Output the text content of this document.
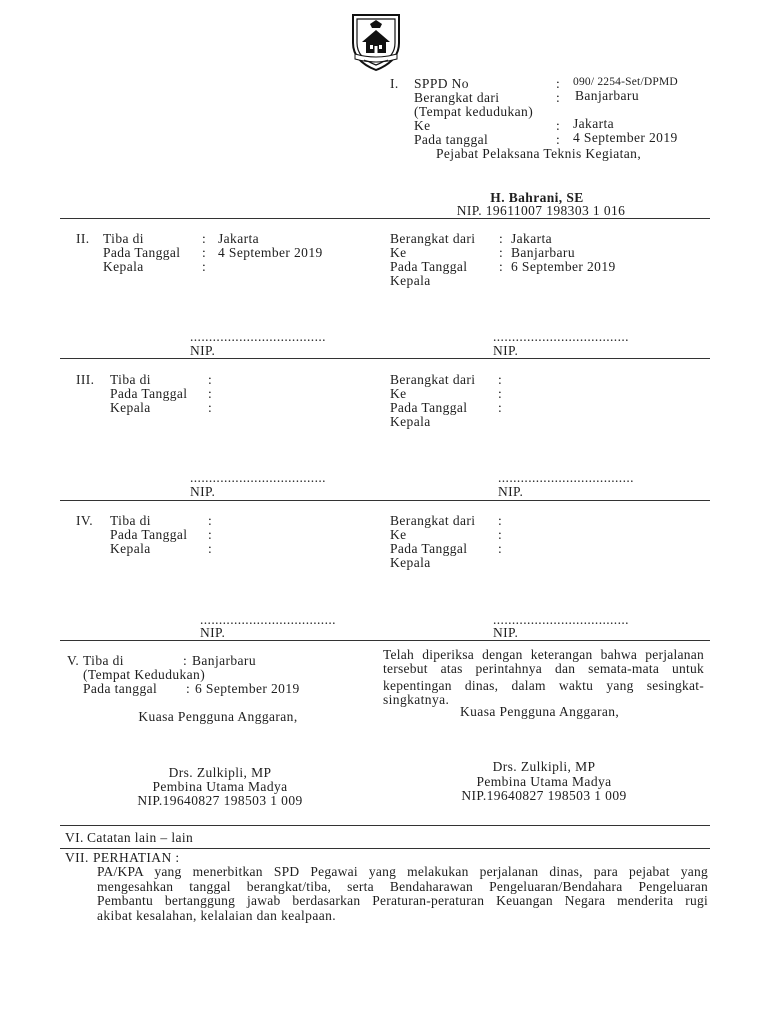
I. SPPD No	: 090/ 2254-Set/DPMD
Berangkat dari	: Banjarbaru
(Tempat kedudukan)
Ke	: Jakarta
Pada tanggal	: 4 September 2019
Pejabat Pelaksana Teknis Kegiatan,
H. Bahrani, SE
NIP. 19611007 198303 1 016
II. Tiba di	: Jakarta
Pada Tanggal : 4 September 2019
Kepala	:
Berangkat dari : Jakarta
Ke	: Banjarbaru
Pada Tanggal : 6 September 2019
Kepala
....................................	....................................
NIP.	NIP.
III. Tiba di	:
Pada Tanggal :
Kepala	:
Berangkat dari :
Ke	:
Pada Tanggal :
Kepala
....................................	....................................
NIP.	NIP.
IV. Tiba di	:
Pada Tanggal :
Kepala	:
Berangkat dari :
Ke	:
Pada Tanggal :
Kepala
....................................	....................................
NIP.	NIP.
V. Tiba di	: Banjarbaru
(Tempat Kedudukan)
Pada tanggal : 6 September 2019
Kuasa Pengguna Anggaran,
Drs. Zulkipli, MP
Pembina Utama Madya
NIP.19640827 198503 1 009
Telah diperiksa dengan keterangan bahwa perjalanan
tersebut atas perintahnya dan semata-mata untuk
kepentingan dinas, dalam waktu yang sesingkat-
singkatnya.
Kuasa Pengguna Anggaran,
Drs. Zulkipli, MP
Pembina Utama Madya
NIP.19640827 198503 1 009
VI. Catatan lain – lain
VII. PERHATIAN :
PA/KPA yang menerbitkan SPD Pegawai yang melakukan perjalanan dinas, para pejabat yang
mengesahkan tanggal berangkat/tiba, serta Bendaharawan Pengeluaran/Bendahara Pengeluaran
Pembantu bertanggung jawab berdasarkan Peraturan-peraturan Keuangan Negara menderita rugi
akibat kesalahan, kelalaian dan kealpaan.
